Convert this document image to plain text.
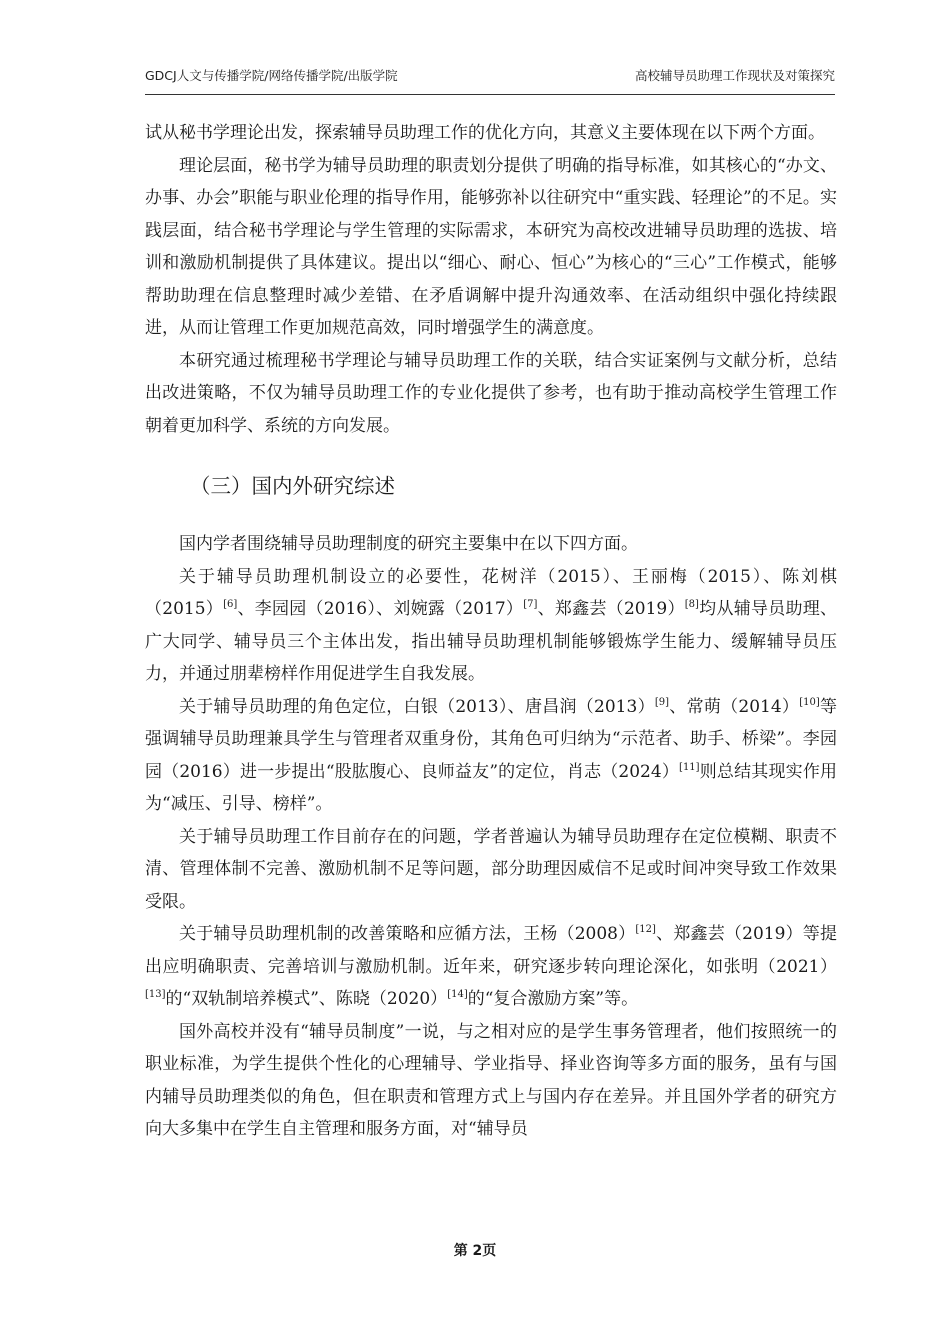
GDCJ人文与传播学院/网络传播学院/出版学院	高校辅导员助理工作现状及对策探究

试从秘书学理论出发，探索辅导员助理工作的优化方向，其意义主要体现在以下两个方面。

理论层面，秘书学为辅导员助理的职责划分提供了明确的指导标准，如其核心的“办文、办事、办会”职能与职业伦理的指导作用，能够弥补以往研究中“重实践、轻理论”的不足。实践层面，结合秘书学理论与学生管理的实际需求，本研究为高校改进辅导员助理的选拔、培训和激励机制提供了具体建议。提出以“细心、耐心、恒心”为核心的“三心”工作模式，能够帮助助理在信息整理时减少差错、在矛盾调解中提升沟通效率、在活动组织中强化持续跟进，从而让管理工作更加规范高效，同时增强学生的满意度。

本研究通过梳理秘书学理论与辅导员助理工作的关联，结合实证案例与文献分析，总结出改进策略，不仅为辅导员助理工作的专业化提供了参考，也有助于推动高校学生管理工作朝着更加科学、系统的方向发展。

（三）国内外研究综述

国内学者围绕辅导员助理制度的研究主要集中在以下四方面。

关于辅导员助理机制设立的必要性，花树洋（2015）、王丽梅（2015）、陈刘棋（2015）[6]、李园园（2016）、刘婉露（2017）[7]、郑鑫芸（2019）[8]均从辅导员助理、广大同学、辅导员三个主体出发，指出辅导员助理机制能够锻炼学生能力、缓解辅导员压力，并通过朋辈榜样作用促进学生自我发展。

关于辅导员助理的角色定位，白银（2013）、唐昌润（2013）[9]、常萌（2014）[10]等强调辅导员助理兼具学生与管理者双重身份，其角色可归纳为“示范者、助手、桥梁”。李园园（2016）进一步提出“股肱腹心、良师益友”的定位，肖志（2024）[11]则总结其现实作用为“减压、引导、榜样”。

关于辅导员助理工作目前存在的问题，学者普遍认为辅导员助理存在定位模糊、职责不清、管理体制不完善、激励机制不足等问题，部分助理因威信不足或时间冲突导致工作效果受限。

关于辅导员助理机制的改善策略和应循方法，王杨（2008）[12]、郑鑫芸（2019）等提出应明确职责、完善培训与激励机制。近年来，研究逐步转向理论深化，如张明（2021）[13]的“双轨制培养模式”、陈晓（2020）[14]的“复合激励方案”等。

国外高校并没有“辅导员制度”一说，与之相对应的是学生事务管理者，他们按照统一的职业标准，为学生提供个性化的心理辅导、学业指导、择业咨询等多方面的服务，虽有与国内辅导员助理类似的角色，但在职责和管理方式上与国内存在差异。并且国外学者的研究方向大多集中在学生自主管理和服务方面，对“辅导员

第 2页
